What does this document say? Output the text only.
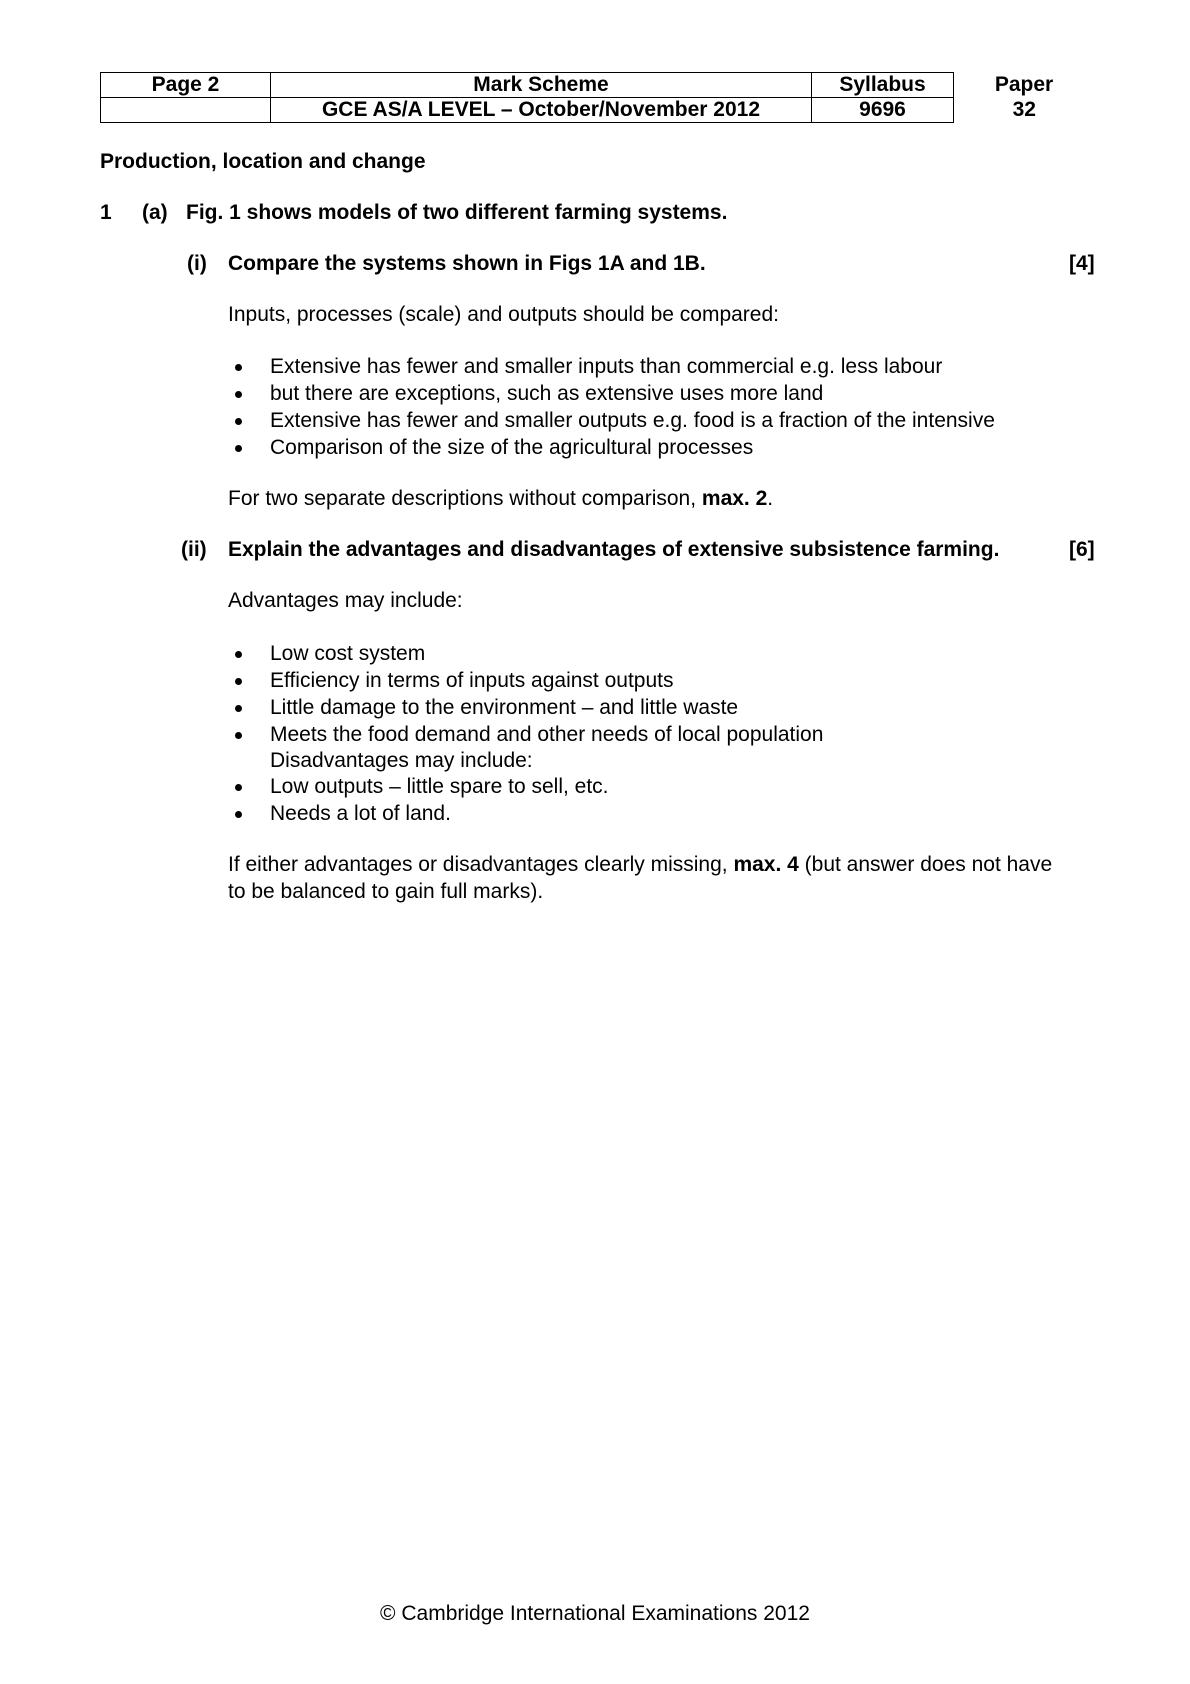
Page 2	Mark Scheme	Syllabus	Paper
	GCE AS/A LEVEL – October/November 2012	9696	32
Production, location and change
1 (a) Fig. 1 shows models of two different farming systems.
(i) Compare the systems shown in Figs 1A and 1B.	[4]
Inputs, processes (scale) and outputs should be compared:
Extensive has fewer and smaller inputs than commercial e.g. less labour
but there are exceptions, such as extensive uses more land
Extensive has fewer and smaller outputs e.g. food is a fraction of the intensive
Comparison of the size of the agricultural processes
For two separate descriptions without comparison, max. 2.
(ii) Explain the advantages and disadvantages of extensive subsistence farming.	[6]
Advantages may include:
Low cost system
Efficiency in terms of inputs against outputs
Little damage to the environment – and little waste
Meets the food demand and other needs of local population
Disadvantages may include:
Low outputs – little spare to sell, etc.
Needs a lot of land.
If either advantages or disadvantages clearly missing, max. 4 (but answer does not have
to be balanced to gain full marks).
© Cambridge International Examinations 2012
